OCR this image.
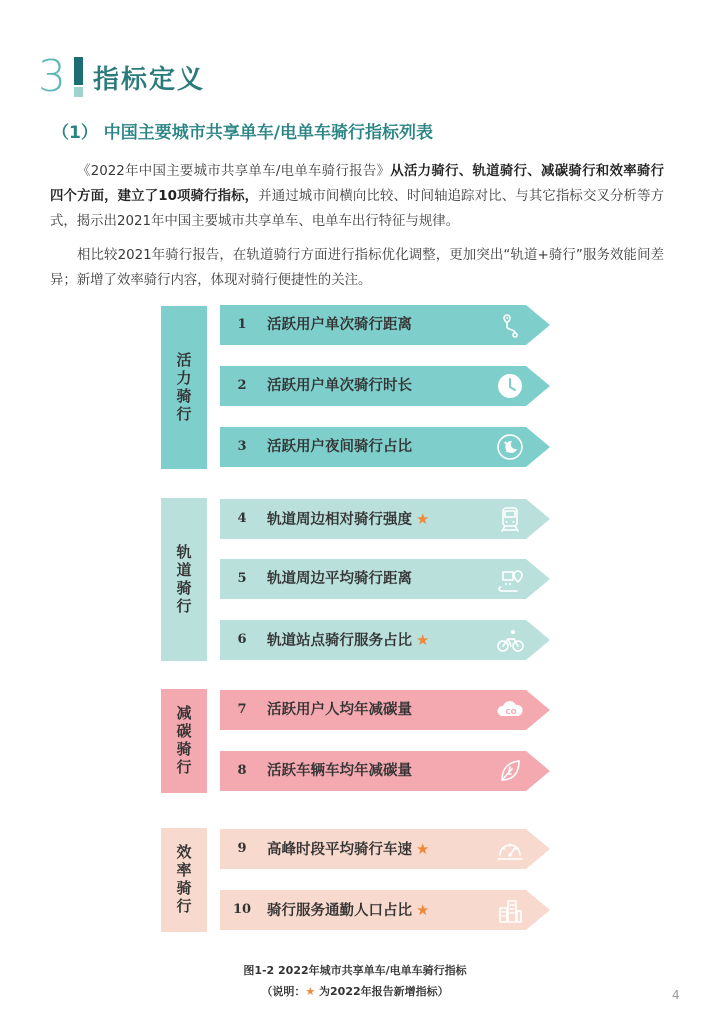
3 指标定义
（1） 中国主要城市共享单车/电单车骑行指标列表

《2022年中国主要城市共享单车/电单车骑行报告》从活力骑行、轨道骑行、减碳骑行和效率骑行四个方面，建立了10项骑行指标，并通过城市间横向比较、时间轴追踪对比、与其它指标交叉分析等方式，揭示出2021年中国主要城市共享单车、电单车出行特征与规律。

相比较2021年骑行报告，在轨道骑行方面进行指标优化调整，更加突出“轨道+骑行”服务效能间差异；新增了效率骑行内容，体现对骑行便捷性的关注。

活力骑行
轨道骑行
减碳骑行
效率骑行
1	活跃用户单次骑行距离
2	活跃用户单次骑行时长
3	活跃用户夜间骑行占比	✦
✦
4	轨道周边相对骑行强度 ★
5	轨道周边平均骑行距离
6	轨道站点骑行服务占比 ★
7	活跃用户人均年减碳量	CO
8	活跃车辆车均年减碳量
9	高峰时段平均骑行车速 ★
10 骑行服务通勤人口占比 ★
图1-2 2022年城市共享单车/电单车骑行指标
（说明：★ 为2022年报告新增指标）	4
